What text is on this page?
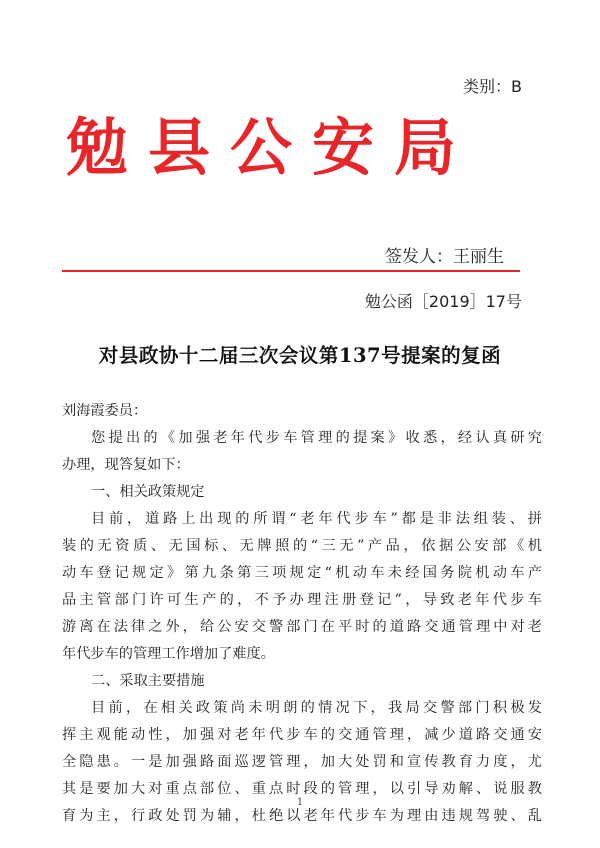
类别：B
勉县公安局
签发人：王丽生
勉公函［2019］17号
对县政协十二届三次会议第137号提案的复函
刘海霞委员：
您提出的《加强老年代步车管理的提案》收悉，经认真研究
办理，现答复如下：
一、相关政策规定
目前，道路上出现的所谓“老年代步车”都是非法组装、拼
装的无资质、无国标、无牌照的“三无”产品，依据公安部《机
动车登记规定》第九条第三项规定“机动车未经国务院机动车产
品主管部门许可生产的，不予办理注册登记”，导致老年代步车
游离在法律之外，给公安交警部门在平时的道路交通管理中对老
年代步车的管理工作增加了难度。
二、采取主要措施
目前，在相关政策尚未明朗的情况下，我局交警部门积极发
挥主观能动性，加强对老年代步车的交通管理，减少道路交通安
全隐患。一是加强路面巡逻管理，加大处罚和宣传教育力度，尤
其是要加大对重点部位、重点时段的管理，以引导劝解、说服教
育为主，行政处罚为辅，杜绝以老年代步车为理由违规驾驶、乱
1
